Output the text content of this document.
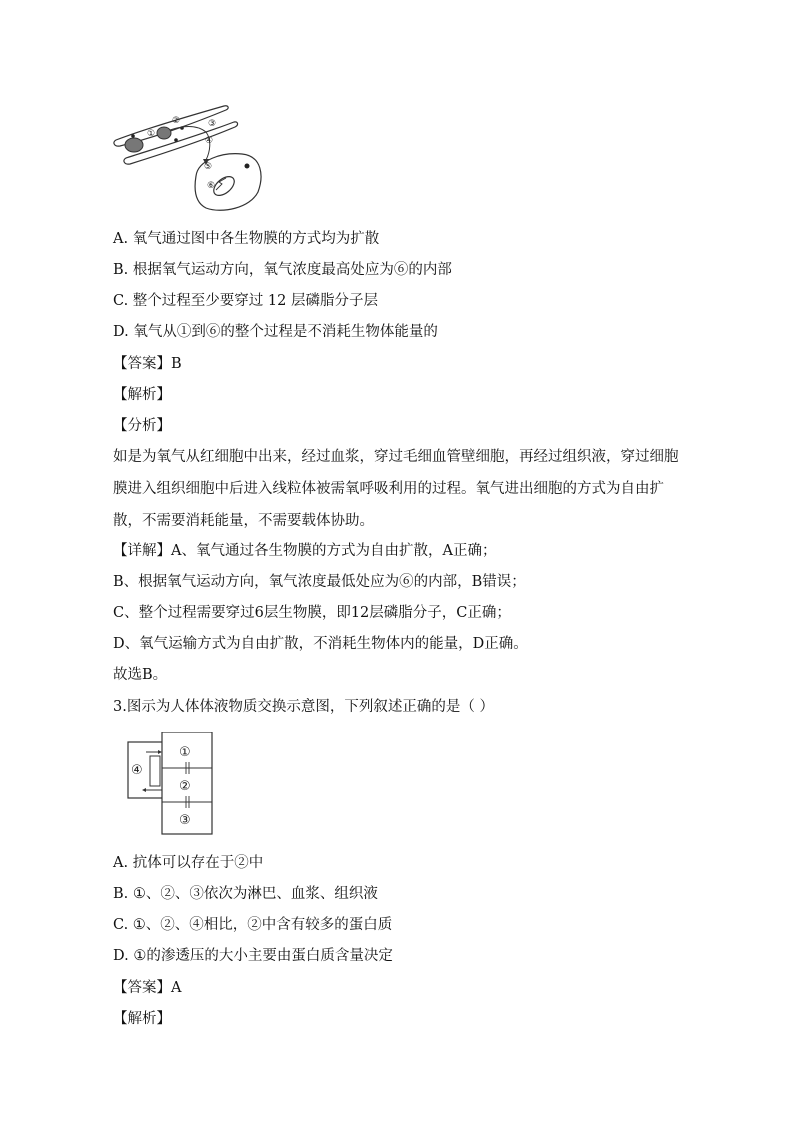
①
②	③
④
⑤
⑥
A. 氧气通过图中各生物膜的方式均为扩散
B. 根据氧气运动方向，氧气浓度最高处应为⑥的内部
C. 整个过程至少要穿过 12 层磷脂分子层
D. 氧气从①到⑥的整个过程是不消耗生物体能量的
【答案】B
【解析】
【分析】
如是为氧气从红细胞中出来，经过血浆，穿过毛细血管壁细胞，再经过组织液，穿过细胞膜进入组织细胞中后进入线粒体被需氧呼吸利用的过程。氧气进出细胞的方式为自由扩散，不需要消耗能量，不需要载体协助。
【详解】A、氧气通过各生物膜的方式为自由扩散，A正确；
B、根据氧气运动方向，氧气浓度最低处应为⑥的内部，B错误；
C、整个过程需要穿过6层生物膜，即12层磷脂分子，C正确；
D、氧气运输方式为自由扩散，不消耗生物体内的能量，D正确。
故选B。
3.图示为人体体液物质交换示意图，下列叙述正确的是（ ）
①
②
③
④
A. 抗体可以存在于②中
B. ①、②、③依次为淋巴、血浆、组织液
C. ①、②、④相比，②中含有较多的蛋白质
D. ①的渗透压的大小主要由蛋白质含量决定
【答案】A
【解析】
